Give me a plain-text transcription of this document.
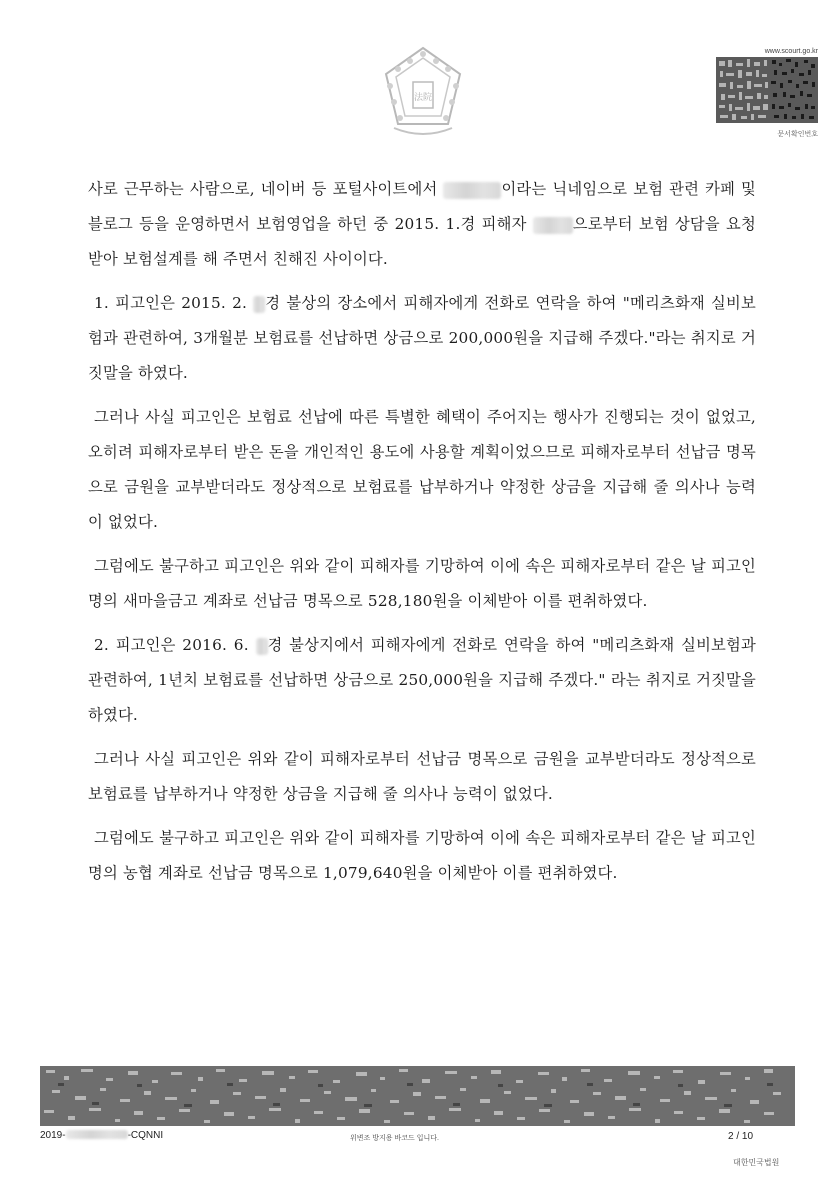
法院
www.scourt.go.kr
문서확인번호

사로 근무하는 사람으로, 네이버 등 포털사이트에서	이라는 닉네임으로 보험 관련 카페 및 블로그 등을 운영하면서 보험영업을 하던 중 2015. 1.경 피해자	으로부터 보험 상담을 요청받아 보험설계를 해 주면서 친해진 사이이다.

1. 피고인은 2015. 2. 경 불상의 장소에서 피해자에게 전화로 연락을 하여 "메리츠화재 실비보험과 관련하여, 3개월분 보험료를 선납하면 상금으로 200,000원을 지급해 주겠다."라는 취지로 거짓말을 하였다.

그러나 사실 피고인은 보험료 선납에 따른 특별한 혜택이 주어지는 행사가 진행되는 것이 없었고, 오히려 피해자로부터 받은 돈을 개인적인 용도에 사용할 계획이었으므로 피해자로부터 선납금 명목으로 금원을 교부받더라도 정상적으로 보험료를 납부하거나 약정한 상금을 지급해 줄 의사나 능력이 없었다.

그럼에도 불구하고 피고인은 위와 같이 피해자를 기망하여 이에 속은 피해자로부터 같은 날 피고인 명의 새마을금고 계좌로 선납금 명목으로 528,180원을 이체받아 이를 편취하였다.

2. 피고인은 2016. 6. 경 불상지에서 피해자에게 전화로 연락을 하여 "메리츠화재 실비보험과 관련하여, 1년치 보험료를 선납하면 상금으로 250,000원을 지급해 주겠다." 라는 취지로 거짓말을 하였다.

그러나 사실 피고인은 위와 같이 피해자로부터 선납금 명목으로 금원을 교부받더라도 정상적으로 보험료를 납부하거나 약정한 상금을 지급해 줄 의사나 능력이 없었다.

그럼에도 불구하고 피고인은 위와 같이 피해자를 기망하여 이에 속은 피해자로부터 같은 날 피고인 명의 농협 계좌로 선납금 명목으로 1,079,640원을 이체받아 이를 편취하였다.

2019-	-CQNNI	위변조 방지용 바코드 입니다.	2 / 10
대한민국법원
